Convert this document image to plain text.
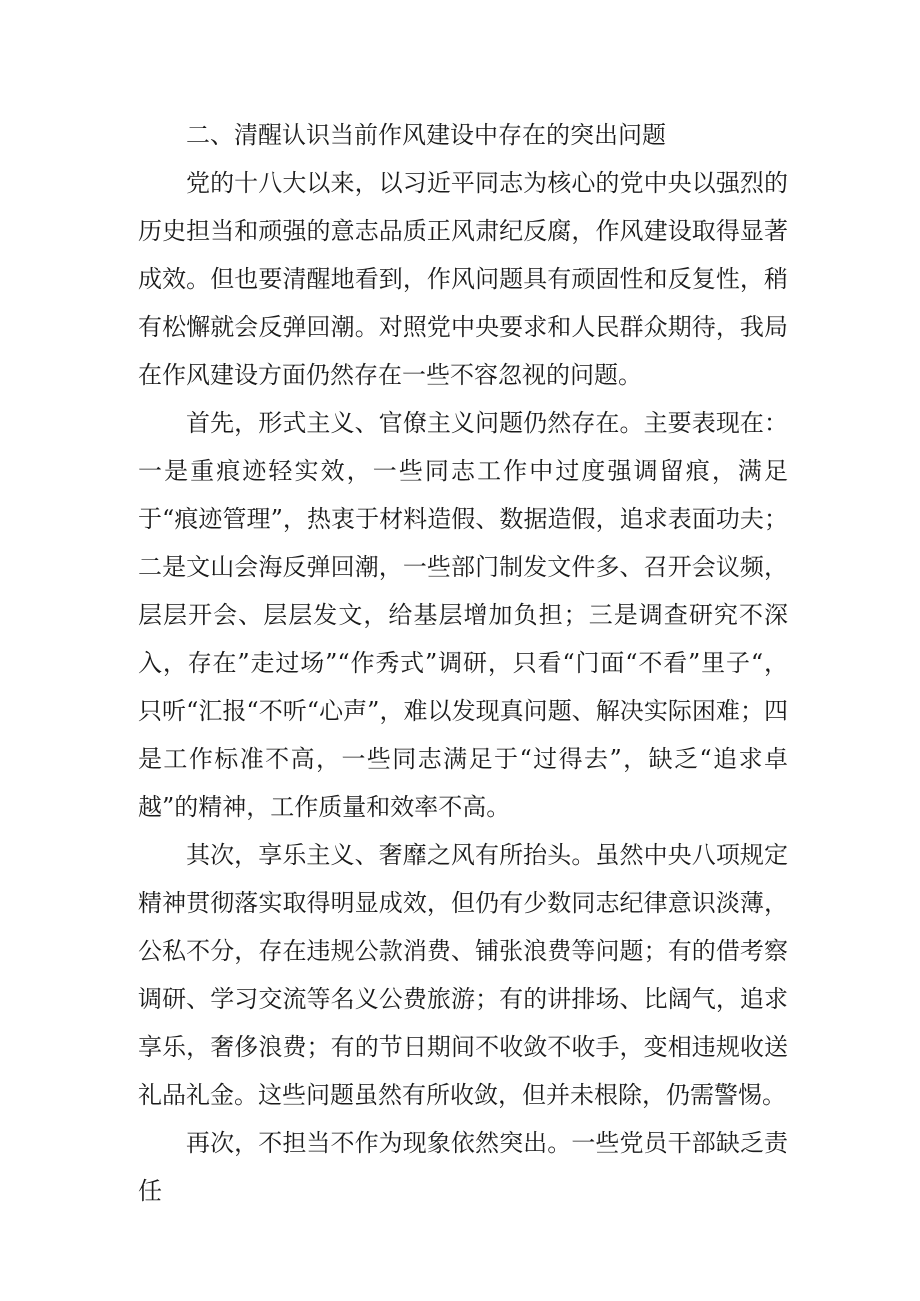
二、清醒认识当前作风建设中存在的突出问题

党的十八大以来，以习近平同志为核心的党中央以强烈的历史担当和顽强的意志品质正风肃纪反腐，作风建设取得显著成效。但也要清醒地看到，作风问题具有顽固性和反复性，稍有松懈就会反弹回潮。对照党中央要求和人民群众期待，我局在作风建设方面仍然存在一些不容忽视的问题。

首先，形式主义、官僚主义问题仍然存在。主要表现在：一是重痕迹轻实效，一些同志工作中过度强调留痕，满足于“痕迹管理”，热衷于材料造假、数据造假，追求表面功夫；二是文山会海反弹回潮，一些部门制发文件多、召开会议频，层层开会、层层发文，给基层增加负担；三是调查研究不深入，存在”走过场”“作秀式”调研，只看“门面“不看”里子“，只听“汇报“不听“心声”，难以发现真问题、解决实际困难；四是工作标准不高，一些同志满足于“过得去”，缺乏“追求卓越”的精神，工作质量和效率不高。

其次，享乐主义、奢靡之风有所抬头。虽然中央八项规定精神贯彻落实取得明显成效，但仍有少数同志纪律意识淡薄，公私不分，存在违规公款消费、铺张浪费等问题；有的借考察调研、学习交流等名义公费旅游；有的讲排场、比阔气，追求享乐，奢侈浪费；有的节日期间不收敛不收手，变相违规收送礼品礼金。这些问题虽然有所收敛，但并未根除，仍需警惕。

再次，不担当不作为现象依然突出。一些党员干部缺乏责任
